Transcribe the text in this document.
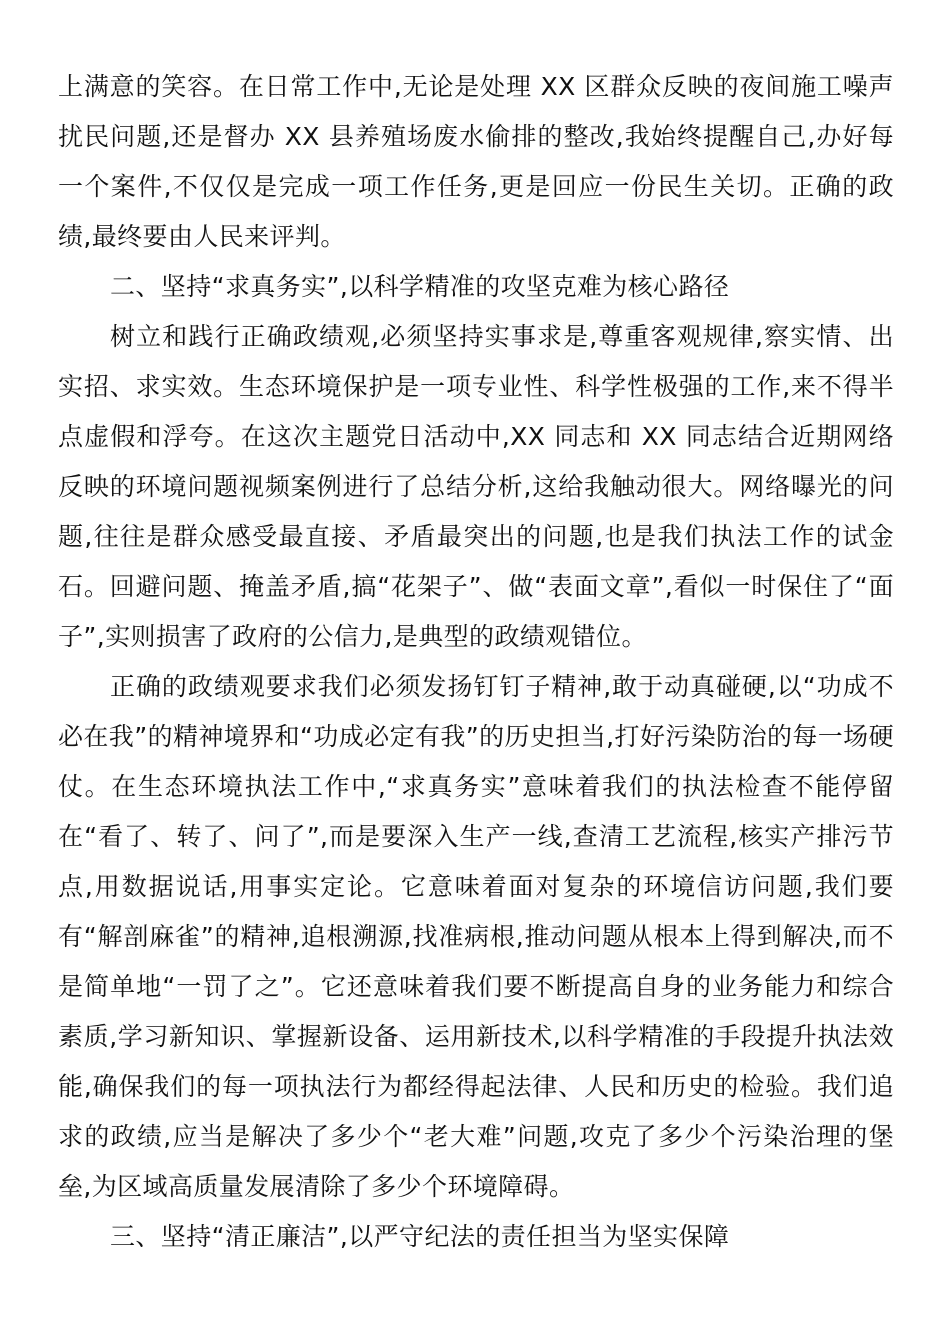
上满意的笑容。在日常工作中,无论是处理 XX 区群众反映的夜间施工噪声扰民问题,还是督办 XX 县养殖场废水偷排的整改,我始终提醒自己,办好每一个案件,不仅仅是完成一项工作任务,更是回应一份民生关切。正确的政绩,最终要由人民来评判。

二、坚持“求真务实”,以科学精准的攻坚克难为核心路径

树立和践行正确政绩观,必须坚持实事求是,尊重客观规律,察实情、出实招、求实效。生态环境保护是一项专业性、科学性极强的工作,来不得半点虚假和浮夸。在这次主题党日活动中,XX 同志和 XX 同志结合近期网络反映的环境问题视频案例进行了总结分析,这给我触动很大。网络曝光的问题,往往是群众感受最直接、矛盾最突出的问题,也是我们执法工作的试金石。回避问题、掩盖矛盾,搞“花架子”、做“表面文章”,看似一时保住了“面子”,实则损害了政府的公信力,是典型的政绩观错位。

正确的政绩观要求我们必须发扬钉钉子精神,敢于动真碰硬,以“功成不必在我”的精神境界和“功成必定有我”的历史担当,打好污染防治的每一场硬仗。在生态环境执法工作中,“求真务实”意味着我们的执法检查不能停留在“看了、转了、问了”,而是要深入生产一线,查清工艺流程,核实产排污节点,用数据说话,用事实定论。它意味着面对复杂的环境信访问题,我们要有“解剖麻雀”的精神,追根溯源,找准病根,推动问题从根本上得到解决,而不是简单地“一罚了之”。它还意味着我们要不断提高自身的业务能力和综合素质,学习新知识、掌握新设备、运用新技术,以科学精准的手段提升执法效能,确保我们的每一项执法行为都经得起法律、人民和历史的检验。我们追求的政绩,应当是解决了多少个“老大难”问题,攻克了多少个污染治理的堡垒,为区域高质量发展清除了多少个环境障碍。

三、坚持“清正廉洁”,以严守纪法的责任担当为坚实保障
